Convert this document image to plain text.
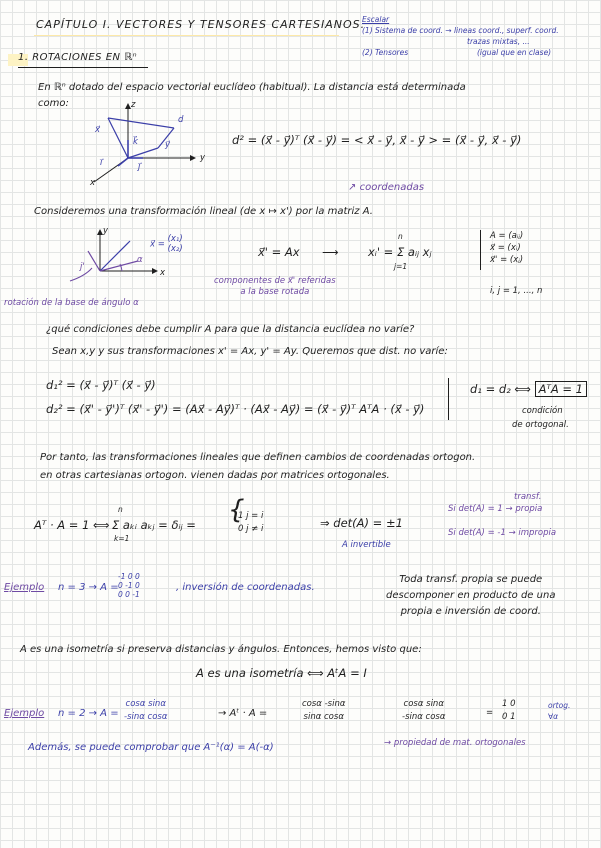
CAPÍTULO I. VECTORES Y TENSORES CARTESIANOS.
Escalar
(1) Sistema de coord. → lineas coord., superf. coord.
trazas mixtas, ...
(2) Tensores	(igual que en clase)
1. ROTACIONES EN ℝⁿ
En ℝⁿ dotado del espacio vectorial euclídeo (habitual). La distancia está determinada
como:	z
y
x
x⃗
d
y⃗
k⃗
i⃗	j⃗
d² = (x⃗ - y⃗)ᵀ (x⃗ - y⃗) = < x⃗ - y⃗, x⃗ - y⃗ > = (x⃗ - y⃗, x⃗ - y⃗)
↗ coordenadas
Consideremos una transformación lineal (de x ↦ x') por la matriz A.
y
x
j'
α
x⃗ = (x₁)
(x₂)	x⃗' = Ax ⟶
n
xᵢ' = Σ aᵢⱼ xⱼ
j=1
A = (aᵢⱼ)
x⃗ = (xᵢ)
x⃗' = (xⱼ)
i, j = 1, ..., n
componentes de x⃗' referidas
a la base rotada
rotación de la base de ángulo α
¿qué condiciones debe cumplir A para que la distancia euclídea no varíe?
Sean x,y y sus transformaciones x' = Ax, y' = Ay. Queremos que dist. no varíe:
d₁² = (x⃗ - y⃗)ᵀ (x⃗ - y⃗)
d₂² = (x⃗' - y⃗')ᵀ (x⃗' - y⃗') = (Ax⃗ - Ay⃗)ᵀ · (Ax⃗ - Ay⃗) = (x⃗ - y⃗)ᵀ AᵀA · (x⃗ - y⃗)
d₁ = d₂ ⟺ AᵀA = 1
condición
de ortogonal.
Por tanto, las transformaciones lineales que definen cambios de coordenadas ortogon.
en otras cartesianas ortogon. vienen dadas por matrices ortogonales.
Aᵀ · A = 1 ⟺
n
Σ aₖᵢ aₖⱼ = δᵢⱼ =
k=1
{
1 j = i
0 j ≠ i	⇒ det(A) = ±1
A invertible
transf.
Si det(A) = 1 → propia
Si det(A) = -1 → impropia
Ejemplo n = 3 → A =
-1 0 0
0 -1 0
0 0 -1
, inversión de coordenadas.
Toda transf. propia se puede
descomponer en producto de una
propia e inversión de coord.
A es una isometría si preserva distancias y ángulos. Entonces, hemos visto que:
A es una isometría ⟺ AᵗA = I
Ejemplo n = 2 → A =
cosα sinα
-sinα cosα	→ Aᵗ · A =
cosα -sinα
sinα cosα
cosα sinα
-sinα cosα	=
1 0
0 1
ortog.
∀α
Además, se puede comprobar que A⁻¹(α) = A(-α)	→ propiedad de mat. ortogonales
